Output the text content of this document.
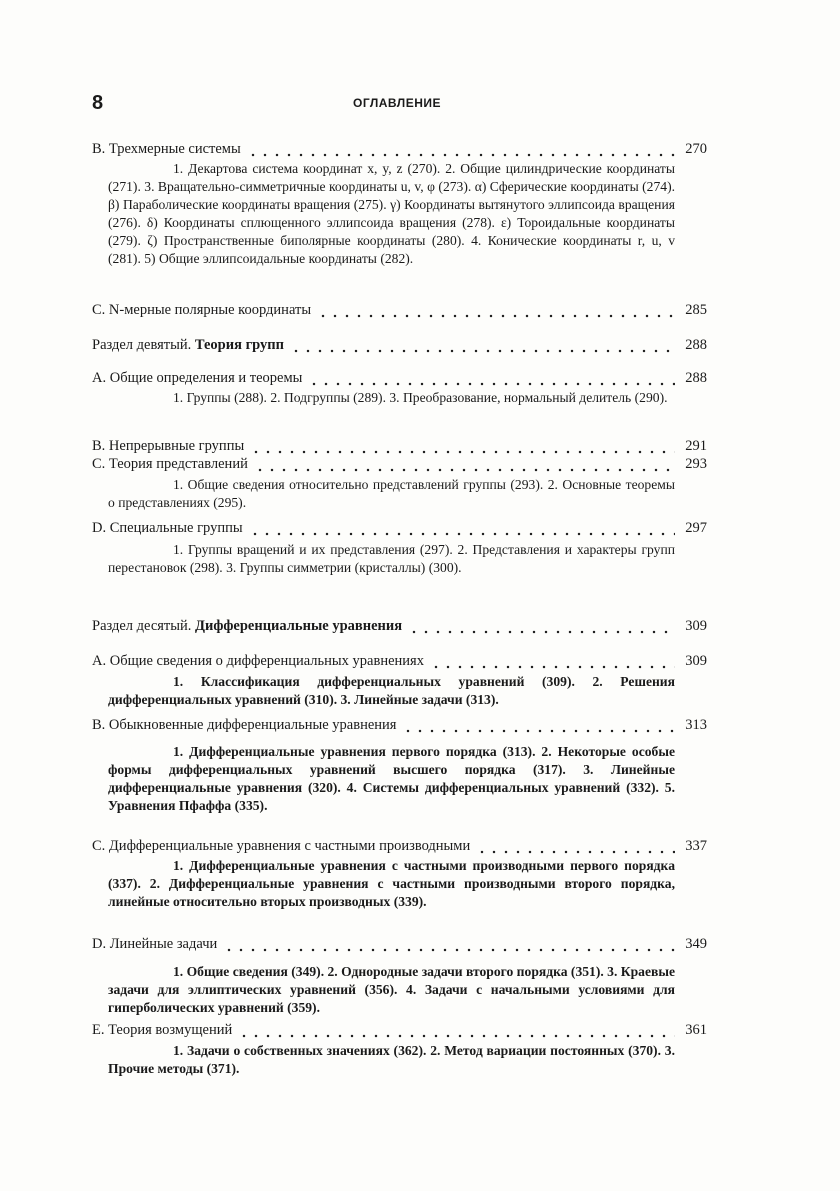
8	ОГЛАВЛЕНИЕ
B. Трехмерные системы	270
1. Декартова система координат x, y, z (270). 2. Общие цилиндрические координаты (271). 3. Вращательно-симметричные координаты u, v, φ (273). α) Сферические координаты (274). β) Параболические координаты вращения (275). γ) Координаты вытянутого эллипсоида вращения (276). δ) Координаты сплющенного эллипсоида вращения (278). ε) Тороидальные координаты (279). ζ) Пространственные биполярные координаты (280). 4. Конические координаты r, u, v (281). 5) Общие эллипсоидальные координаты (282).
C. N-мерные полярные координаты	285
Раздел девятый. Теория групп	288
A. Общие определения и теоремы	288
1. Группы (288). 2. Подгруппы (289). 3. Преобразование, нормальный делитель (290).
B. Непрерывные группы	291
C. Теория представлений	293
1. Общие сведения относительно представлений группы (293). 2. Основные теоремы о представлениях (295).
D. Специальные группы	297
1. Группы вращений и их представления (297). 2. Представления и характеры групп перестановок (298). 3. Группы симметрии (кристаллы) (300).
Раздел десятый. Дифференциальные уравнения	309
A. Общие сведения о дифференциальных уравнениях	309
1. Классификация дифференциальных уравнений (309). 2. Решения дифференциальных уравнений (310). 3. Линейные задачи (313).
B. Обыкновенные дифференциальные уравнения	313
1. Дифференциальные уравнения первого порядка (313). 2. Некоторые особые формы дифференциальных уравнений высшего порядка (317). 3. Линейные дифференциальные уравнения (320). 4. Системы дифференциальных уравнений (332). 5. Уравнения Пфаффа (335).
C. Дифференциальные уравнения с частными производными	337
1. Дифференциальные уравнения с частными производными первого порядка (337). 2. Дифференциальные уравнения с частными производными второго порядка, линейные относительно вторых производных (339).
D. Линейные задачи	349
1. Общие сведения (349). 2. Однородные задачи второго порядка (351). 3. Краевые задачи для эллиптических уравнений (356). 4. Задачи с начальными условиями для гиперболических уравнений (359).
E. Теория возмущений	361
1. Задачи о собственных значениях (362). 2. Метод вариации постоянных (370). 3. Прочие методы (371).
